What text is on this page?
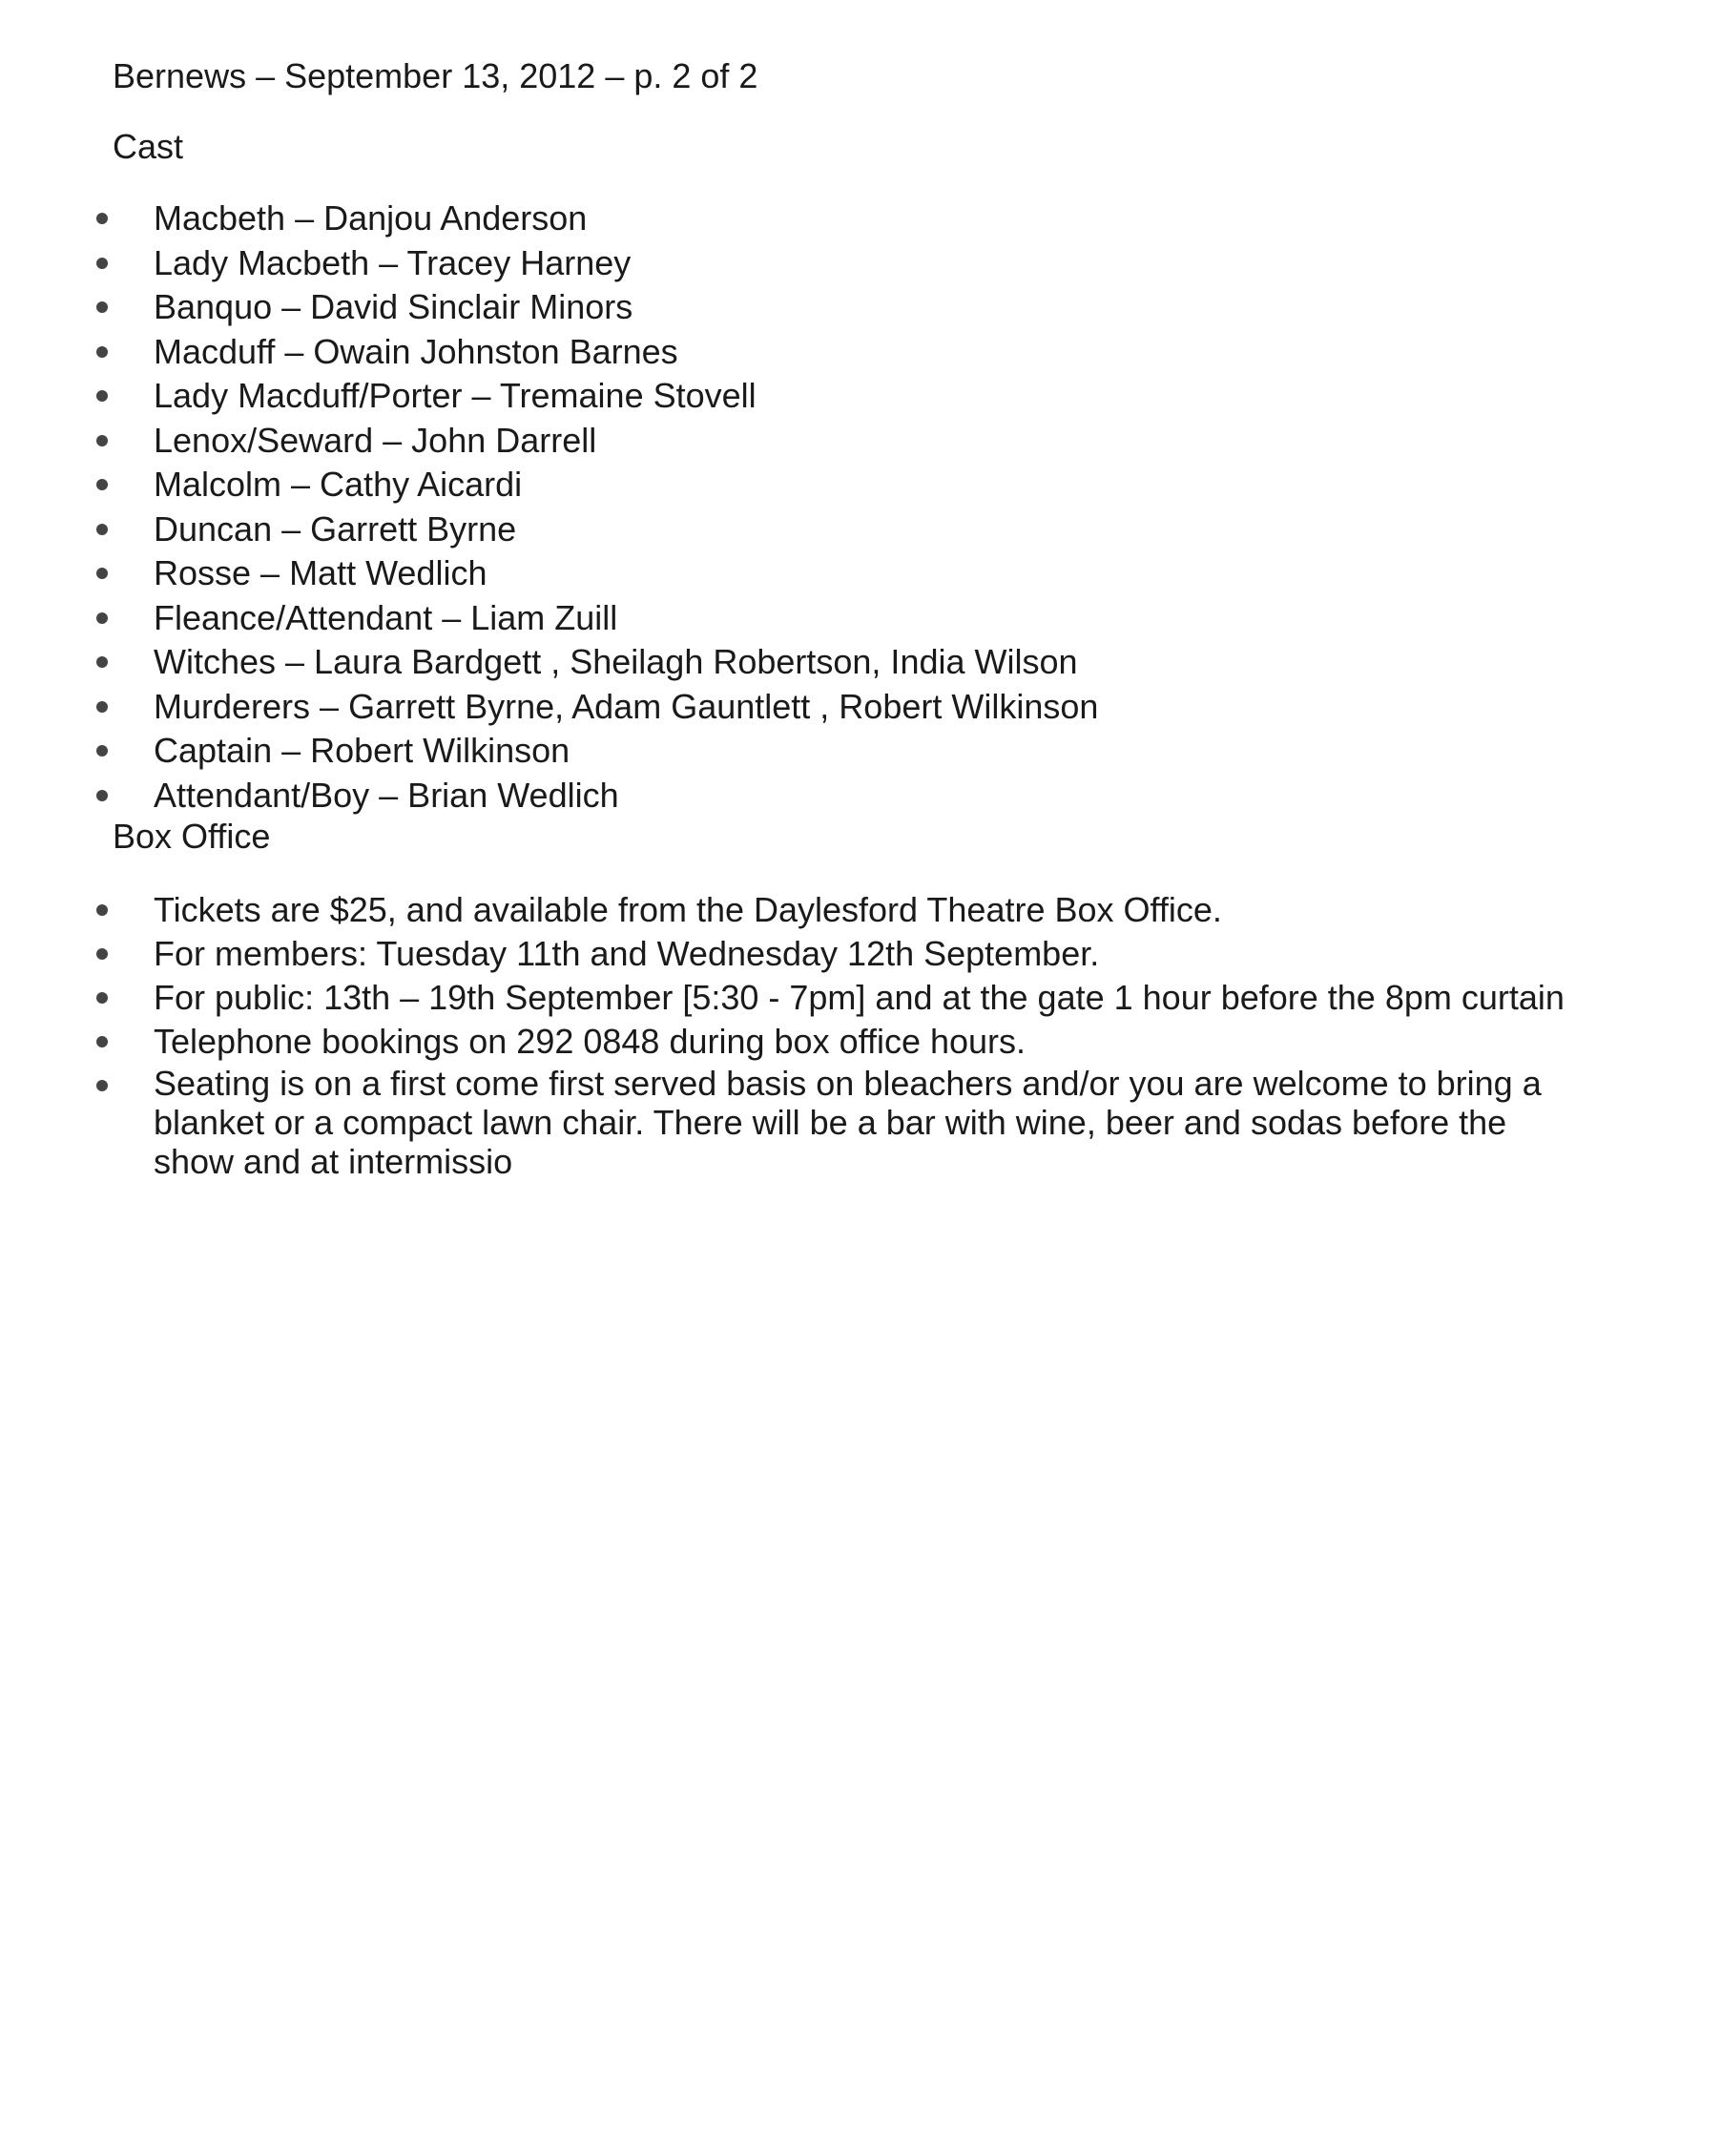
Bernews – September 13, 2012 – p. 2 of 2
Cast
Macbeth – Danjou Anderson
Lady Macbeth – Tracey Harney
Banquo – David Sinclair Minors
Macduff – Owain Johnston Barnes
Lady Macduff/Porter – Tremaine Stovell
Lenox/Seward – John Darrell
Malcolm – Cathy Aicardi
Duncan – Garrett Byrne
Rosse – Matt Wedlich
Fleance/Attendant – Liam Zuill
Witches – Laura Bardgett , Sheilagh Robertson, India Wilson
Murderers – Garrett Byrne, Adam Gauntlett , Robert Wilkinson
Captain – Robert Wilkinson
Attendant/Boy – Brian Wedlich
Box Office
Tickets are $25, and available from the Daylesford Theatre Box Office.
For members: Tuesday 11th and Wednesday 12th September.
For public: 13th – 19th September [5:30 - 7pm] and at the gate 1 hour before the 8pm curtain
Telephone bookings on 292 0848 during box office hours.
Seating is on a first come first served basis on bleachers and/or you are welcome to bring a blanket or a compact lawn chair. There will be a bar with wine, beer and sodas before the show and at intermissio
